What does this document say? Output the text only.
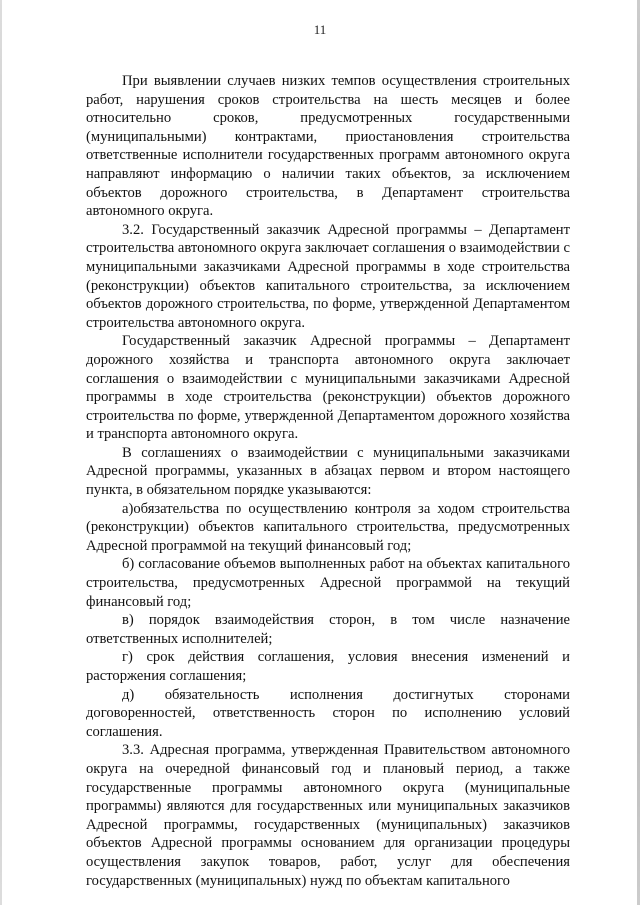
11

При выявлении случаев низких темпов осуществления строительных работ, нарушения сроков строительства на шесть месяцев и более относительно сроков, предусмотренных государственными (муниципальными) контрактами, приостановления строительства ответственные исполнители государственных программ автономного округа направляют информацию о наличии таких объектов, за исключением объектов дорожного строительства, в Департамент строительства автономного округа.

3.2. Государственный заказчик Адресной программы – Департамент строительства автономного округа заключает соглашения о взаимодействии с муниципальными заказчиками Адресной программы в ходе строительства (реконструкции) объектов капитального строительства, за исключением объектов дорожного строительства, по форме, утвержденной Департаментом строительства автономного округа.

Государственный заказчик Адресной программы – Департамент дорожного хозяйства и транспорта автономного округа заключает соглашения о взаимодействии с муниципальными заказчиками Адресной программы в ходе строительства (реконструкции) объектов дорожного строительства по форме, утвержденной Департаментом дорожного хозяйства и транспорта автономного округа.

В соглашениях о взаимодействии с муниципальными заказчиками Адресной программы, указанных в абзацах первом и втором настоящего пункта, в обязательном порядке указываются:

а)обязательства по осуществлению контроля за ходом строительства (реконструкции) объектов капитального строительства, предусмотренных Адресной программой на текущий финансовый год;

б) согласование объемов выполненных работ на объектах капитального строительства, предусмотренных Адресной программой на текущий финансовый год;

в) порядок взаимодействия сторон, в том числе назначение ответственных исполнителей;

г) срок действия соглашения, условия внесения изменений и расторжения соглашения;

д) обязательность исполнения достигнутых сторонами договоренностей, ответственность сторон по исполнению условий соглашения.

3.3. Адресная программа, утвержденная Правительством автономного округа на очередной финансовый год и плановый период, а также государственные программы автономного округа (муниципальные программы) являются для государственных или муниципальных заказчиков Адресной программы, государственных (муниципальных) заказчиков объектов Адресной программы основанием для организации процедуры осуществления закупок товаров, работ, услуг для обеспечения государственных (муниципальных) нужд по объектам капитального
